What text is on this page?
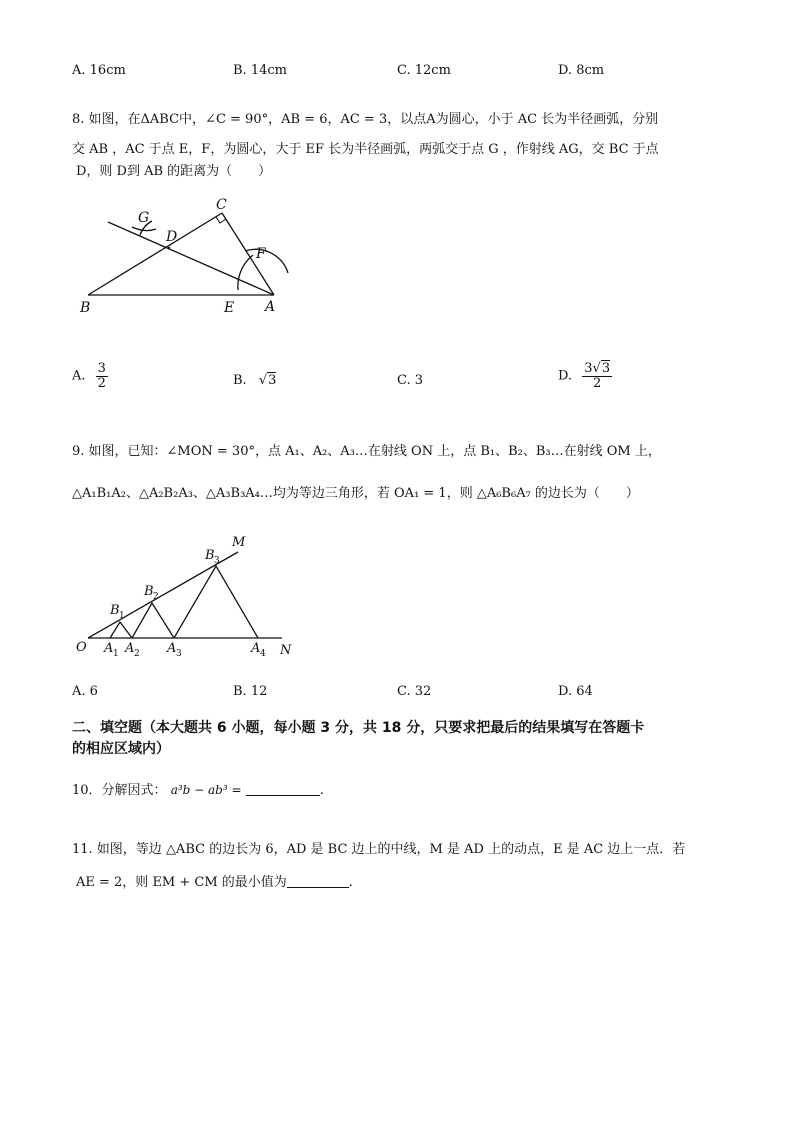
A. 16cm	B. 14cm	C. 12cm	D. 8cm
8. 如图，在ΔABC中，∠C = 90°，AB = 6，AC = 3，以点A为圆心，小于 AC 长为半径画弧，分别
交 AB ，AC 于点 E，F，为圆心，大于 EF 长为半径画弧，两弧交于点 G ，作射线 AG，交 BC 于点
D，则 D到 AB 的距离为（　　）
G
C
D
F
B	E A
A. $\frac{3}{2}$	B. √3	C. 3	D. $\frac{3√3}{2}$
9. 如图，已知：∠MON = 30°，点 A₁、A₂、A₃…在射线 ON 上，点 B₁、B₂、B₃…在射线 OM 上，
△A₁B₁A₂、△A₂B₂A₃、△A₃B₃A₄…均为等边三角形，若 OA₁ = 1，则 △A₆B₆A₇ 的边长为（　　）
M
N
O
B 1
B 2
B 3
A 1 A 2 A 3	A 4
A. 6	B. 12	C. 32	D. 64
二、填空题（本大题共 6 小题，每小题 3 分，共 18 分，只要求把最后的结果填写在答题卡
的相应区域内）
10．分解因式： a³b − ab³ =	.
11. 如图，等边 △ABC 的边长为 6，AD 是 BC 边上的中线，M 是 AD 上的动点，E 是 AC 边上一点．若
AE = 2，则 EM + CM 的最小值为	.
